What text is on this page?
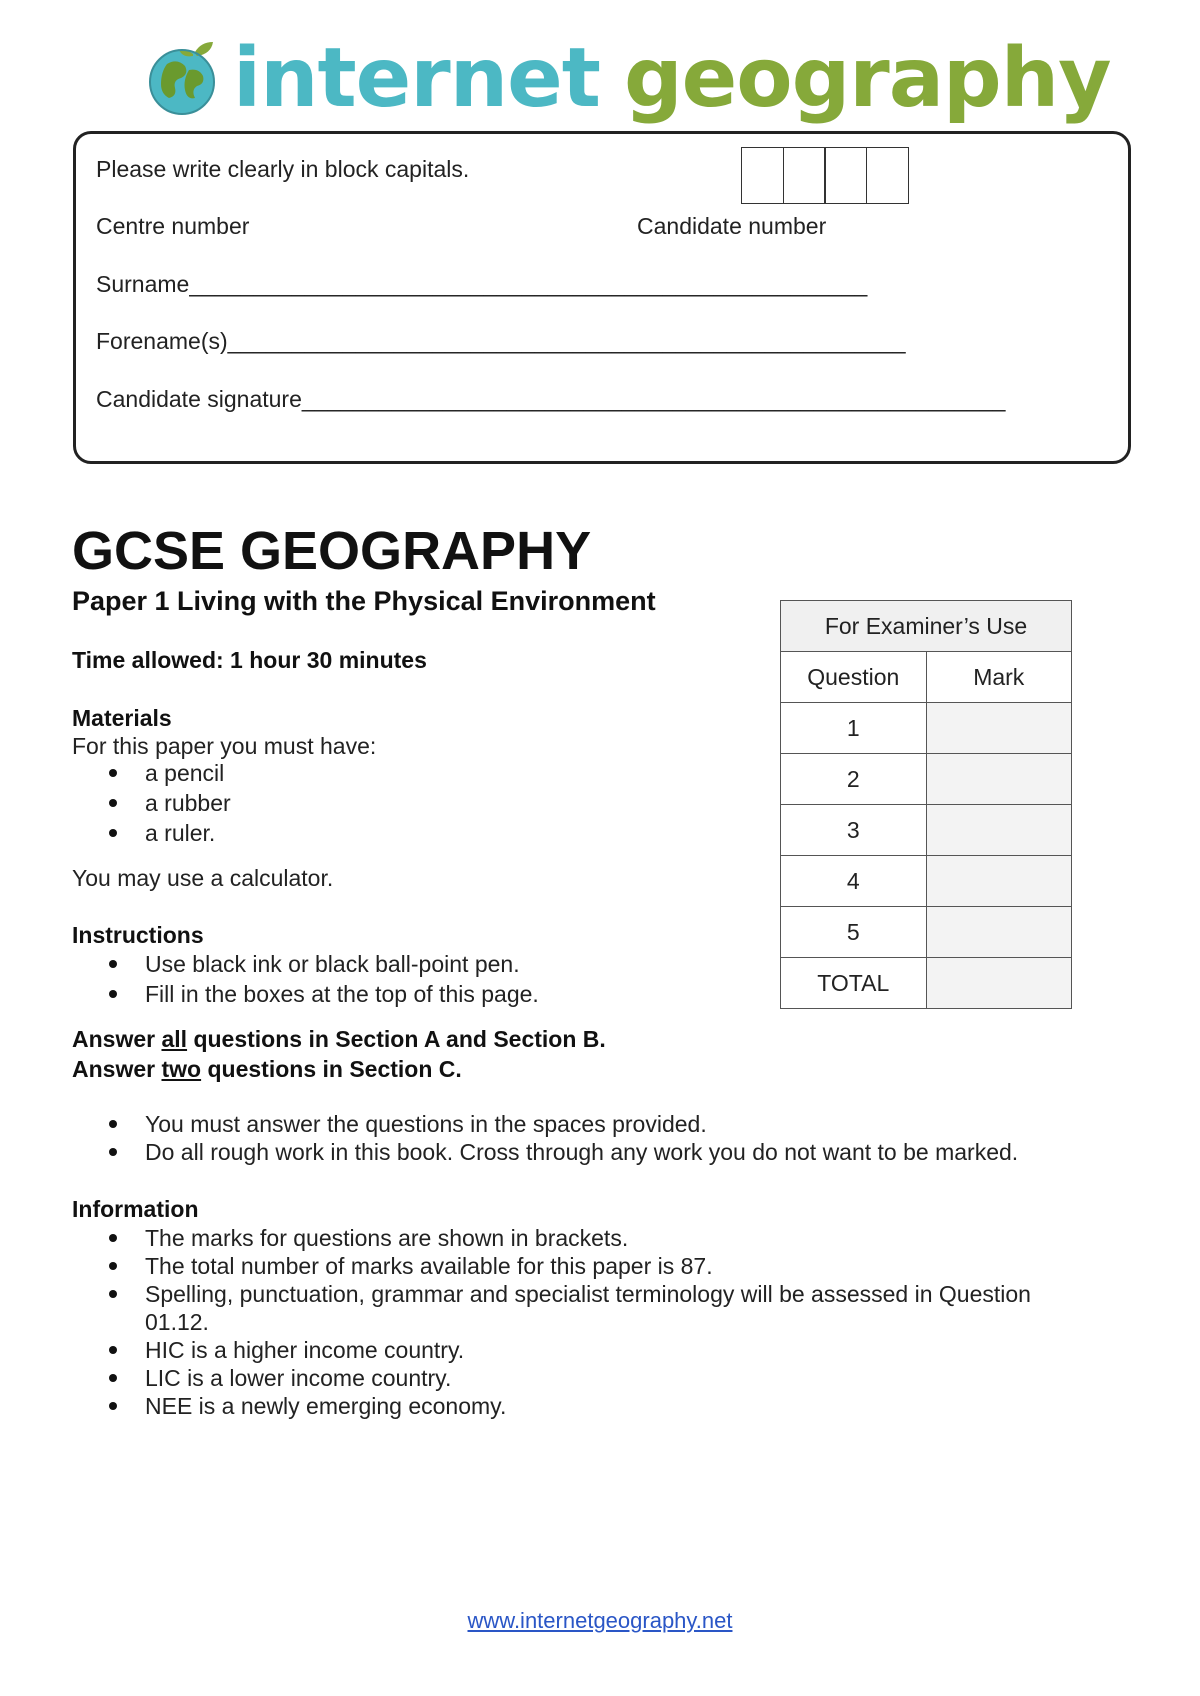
internet geography
Please write clearly in block capitals.
Centre number	Candidate number
Surname_____________________________________________________
Forename(s)_____________________________________________________
Candidate signature_______________________________________________________
GCSE GEOGRAPHY
Paper 1 Living with the Physical Environment
Time allowed: 1 hour 30 minutes
Materials
For this paper you must have:
a pencil
a rubber
a ruler.
You may use a calculator.
Instructions
Use black ink or black ball-point pen.
Fill in the boxes at the top of this page.
Answer all questions in Section A and Section B.
Answer two questions in Section C.
You must answer the questions in the spaces provided.
Do all rough work in this book. Cross through any work you do not want to be marked.
Information
The marks for questions are shown in brackets.
The total number of marks available for this paper is 87.
Spelling, punctuation, grammar and specialist terminology will be assessed in Question 01.12.
HIC is a higher income country.
LIC is a lower income country.
NEE is a newly emerging economy.
For Examiner’s Use	
Question	Mark
1	
2	
3	
4	
5	
TOTAL	
www.internetgeography.net
